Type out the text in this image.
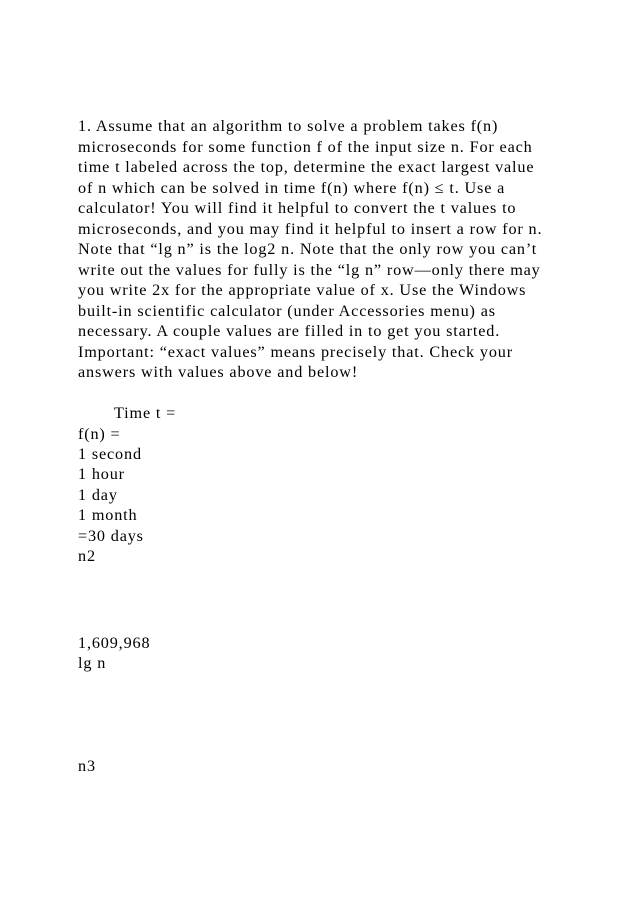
1. Assume that an algorithm to solve a problem takes f(n)
microseconds for some function f of the input size n. For each
time t labeled across the top, determine the exact largest value
of n which can be solved in time f(n) where f(n) ≤ t. Use a
calculator! You will find it helpful to convert the t values to
microseconds, and you may find it helpful to insert a row for n.
Note that “lg n” is the log2 n. Note that the only row you can’t
write out the values for fully is the “lg n” row—only there may
you write 2x for the appropriate value of x. Use the Windows
built-in scientific calculator (under Accessories menu) as
necessary. A couple values are filled in to get you started.
Important: “exact values” means precisely that. Check your
answers with values above and below!
Time t =
f(n) =
1 second
1 hour
1 day
1 month
=30 days
n2
1,609,968
lg n
n3
